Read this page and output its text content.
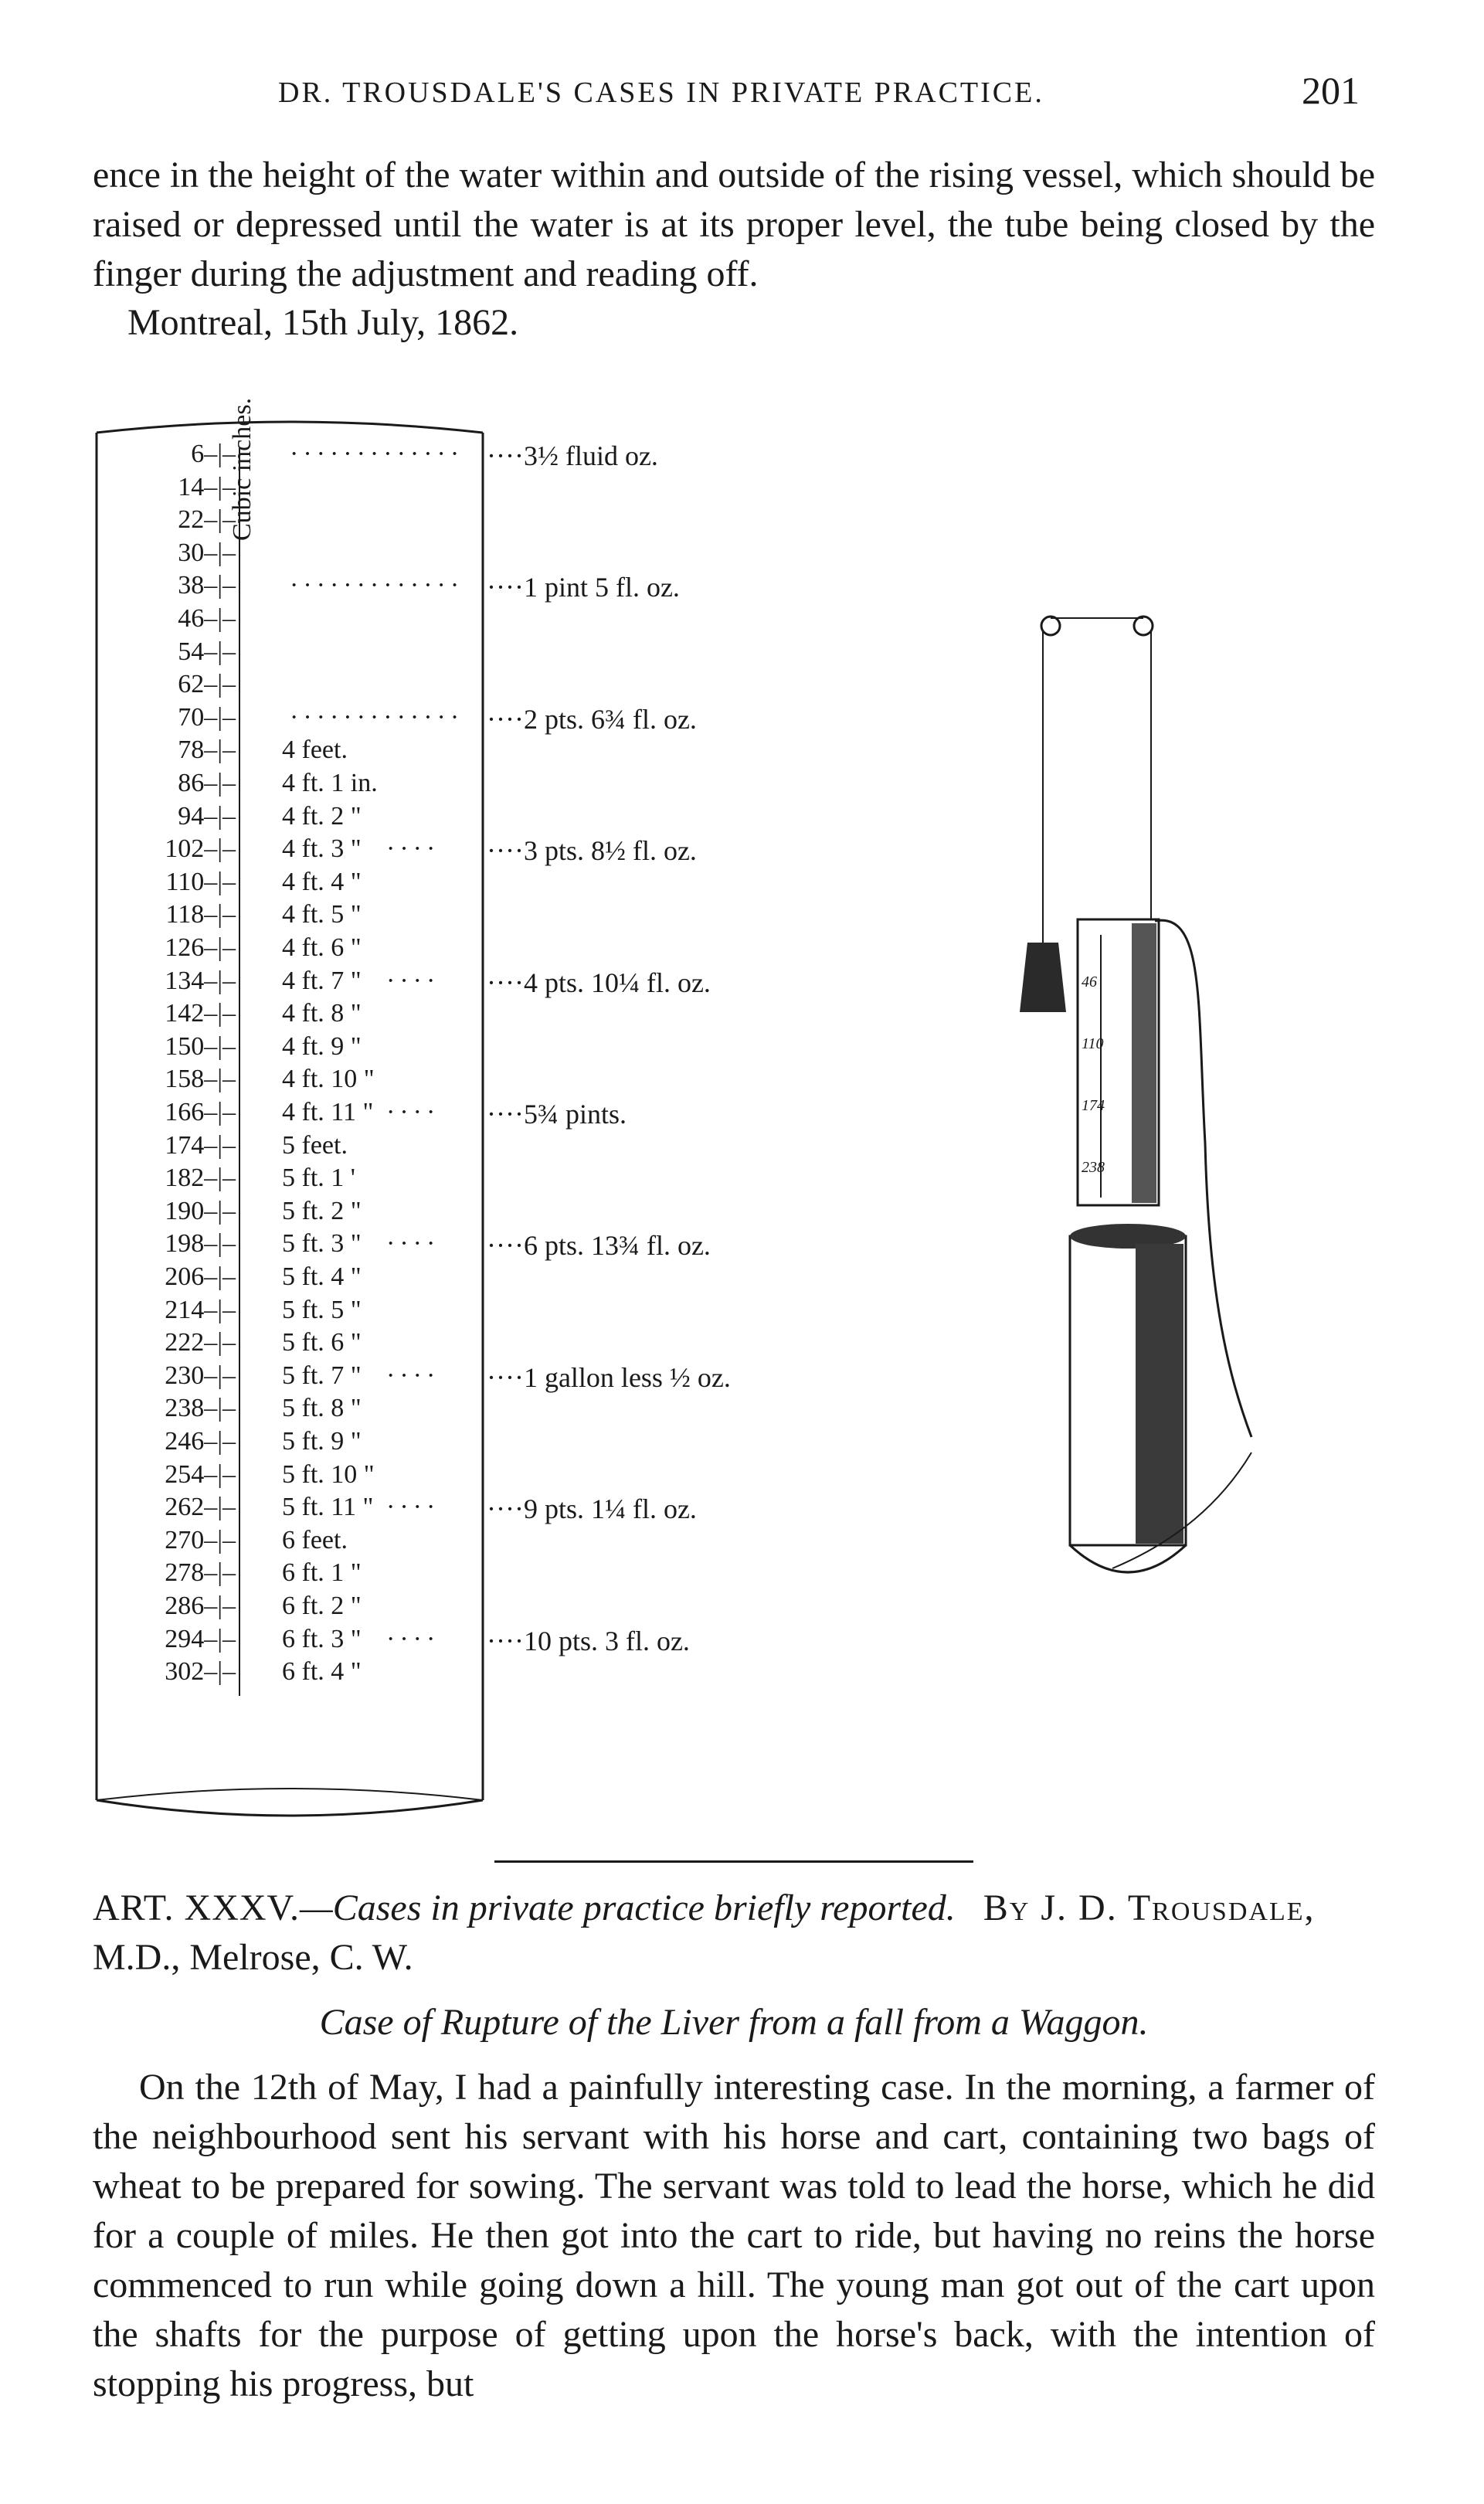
DR. TROUSDALE'S CASES IN PRIVATE PRACTICE.	201
ence in the height of the water within and outside of the rising vessel, which should be raised or depressed until the water is at its proper level, the tube being closed by the finger during the adjustment and reading off.
Montreal, 15th July, 1862.
Cubic inches.
6–|–
14–|–
22–|–
30–|–
38–|–
46–|–
54–|–
62–|–
70–|–
78–|– 4 feet.
86–|– 4 ft. 1 in.
94–|– 4 ft. 2 "
102–|– 4 ft. 3 "
110–|– 4 ft. 4 "
118–|– 4 ft. 5 "
126–|– 4 ft. 6 "
134–|– 4 ft. 7 "
142–|– 4 ft. 8 "
150–|– 4 ft. 9 "
158–|– 4 ft. 10 "
166–|– 4 ft. 11 "
174–|– 5 feet.
182–|– 5 ft. 1 '
190–|– 5 ft. 2 "
198–|– 5 ft. 3 "
206–|– 5 ft. 4 "
214–|– 5 ft. 5 "
222–|– 5 ft. 6 "
230–|– 5 ft. 7 "
238–|– 5 ft. 8 "
246–|– 5 ft. 9 "
254–|– 5 ft. 10 "
262–|– 5 ft. 11 "
270–|– 6 feet.
278–|– 6 ft. 1 "
286–|– 6 ft. 2 "
294–|– 6 ft. 3 "
302–|– 6 ft. 4 "
············· ····3½ fluid oz.
············· ····1 pint 5 fl. oz.
············· ····2 pts. 6¾ fl. oz.
···· ····3 pts. 8½ fl. oz.
···· ····4 pts. 10¼ fl. oz.
···· ····5¾ pints.
···· ····6 pts. 13¾ fl. oz.
···· ····1 gallon less ½ oz.
···· ····9 pts. 1¼ fl. oz.
···· ····10 pts. 3 fl. oz.
46
110
174
238
ART. XXXV.—Cases in private practice briefly reported. By J. D. Trousdale, M.D., Melrose, C. W.
Case of Rupture of the Liver from a fall from a Waggon.
On the 12th of May, I had a painfully interesting case. In the morning, a farmer of the neighbourhood sent his servant with his horse and cart, containing two bags of wheat to be prepared for sowing. The servant was told to lead the horse, which he did for a couple of miles. He then got into the cart to ride, but having no reins the horse commenced to run while going down a hill. The young man got out of the cart upon the shafts for the purpose of getting upon the horse's back, with the intention of stopping his progress, but
